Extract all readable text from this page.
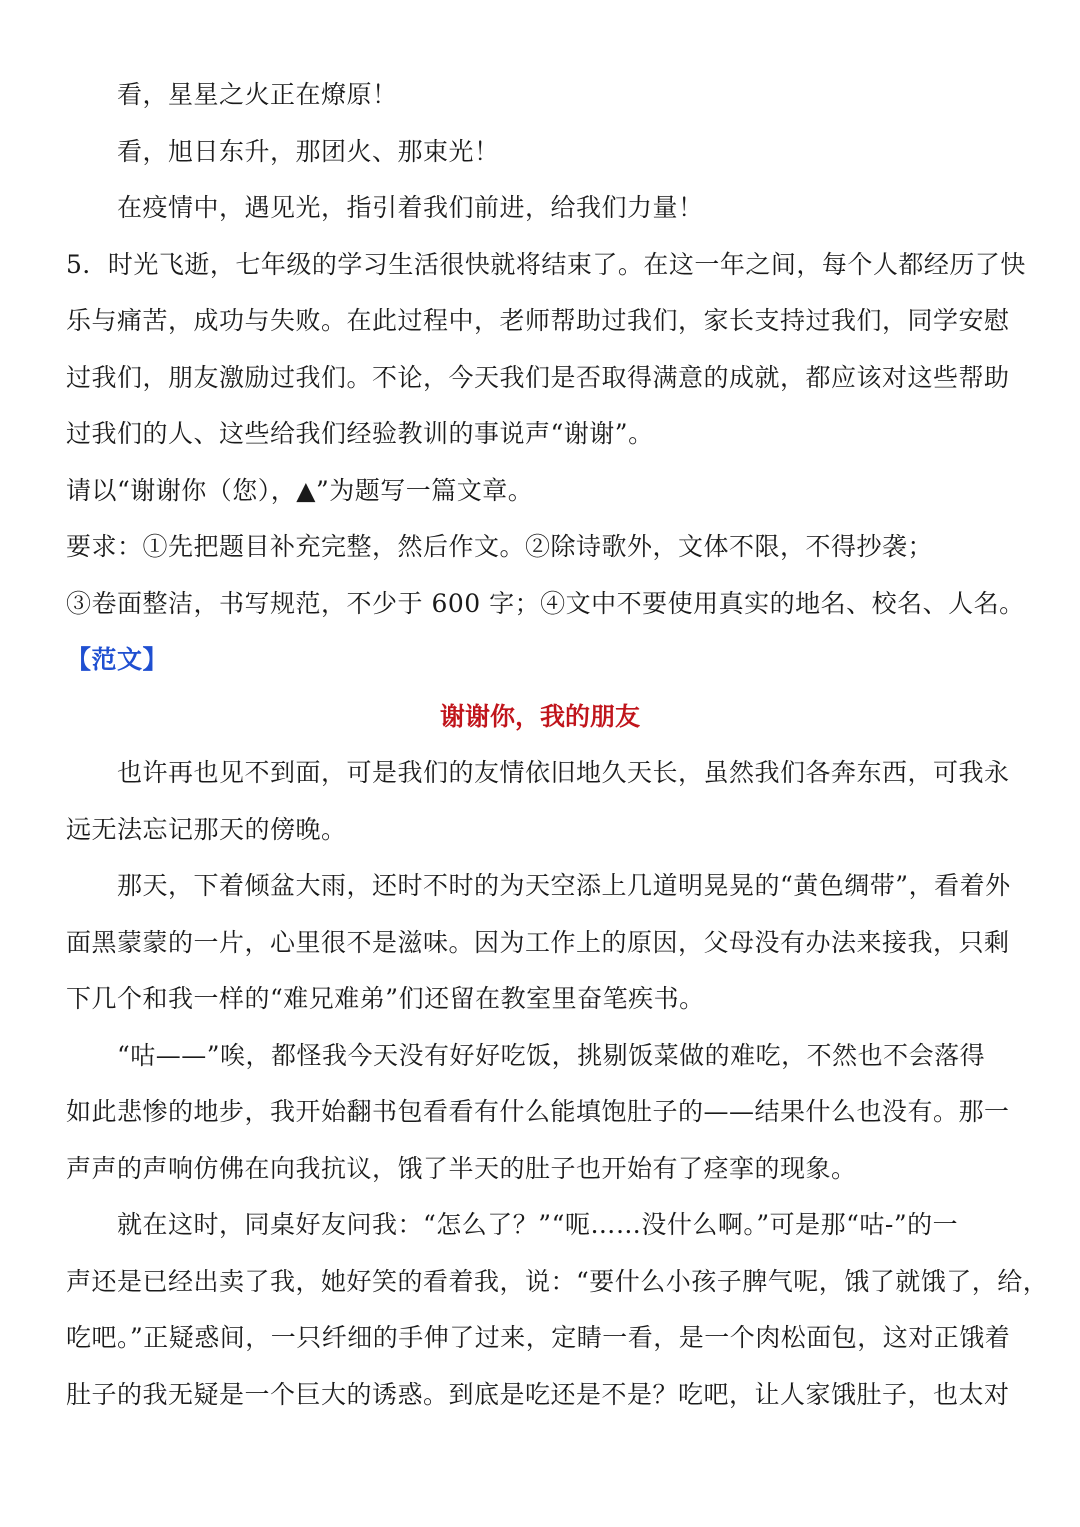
看，星星之火正在燎原！
看，旭日东升，那团火、那束光！
在疫情中，遇见光，指引着我们前进，给我们力量！
5．时光飞逝，七年级的学习生活很快就将结束了。在这一年之间，每个人都经历了快
乐与痛苦，成功与失败。在此过程中，老师帮助过我们，家长支持过我们，同学安慰
过我们，朋友激励过我们。不论，今天我们是否取得满意的成就，都应该对这些帮助
过我们的人、这些给我们经验教训的事说声“谢谢”。
请以“谢谢你（您），▲”为题写一篇文章。
要求：①先把题目补充完整，然后作文。②除诗歌外，文体不限，不得抄袭；
③卷面整洁，书写规范，不少于 600 字；④文中不要使用真实的地名、校名、人名。
【范文】
谢谢你，我的朋友
也许再也见不到面，可是我们的友情依旧地久天长，虽然我们各奔东西，可我永
远无法忘记那天的傍晚。
那天，下着倾盆大雨，还时不时的为天空添上几道明晃晃的“黄色绸带”，看着外
面黑蒙蒙的一片，心里很不是滋味。因为工作上的原因，父母没有办法来接我，只剩
下几个和我一样的“难兄难弟”们还留在教室里奋笔疾书。
“咕——”唉，都怪我今天没有好好吃饭，挑剔饭菜做的难吃，不然也不会落得
如此悲惨的地步，我开始翻书包看看有什么能填饱肚子的——结果什么也没有。那一
声声的声响仿佛在向我抗议，饿了半天的肚子也开始有了痉挛的现象。
就在这时，同桌好友问我：“怎么了？”“呃……没什么啊。”可是那“咕-”的一
声还是已经出卖了我，她好笑的看着我，说：“要什么小孩子脾气呢，饿了就饿了，给，
吃吧。”正疑惑间，一只纤细的手伸了过来，定睛一看，是一个肉松面包，这对正饿着
肚子的我无疑是一个巨大的诱惑。到底是吃还是不是？吃吧，让人家饿肚子，也太对
